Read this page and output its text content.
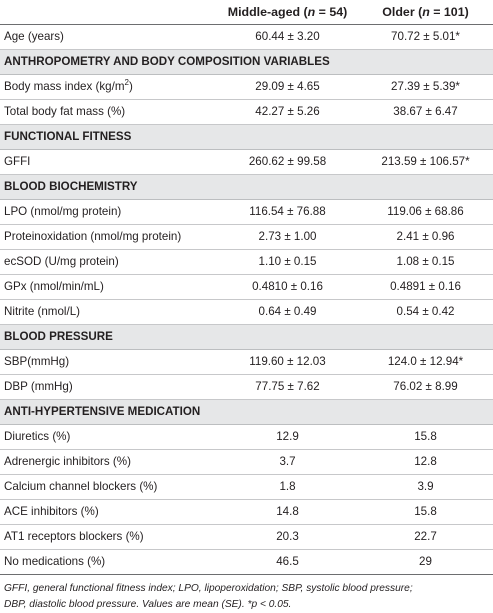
	Middle-aged (n = 54)	Older (n = 101)
Age (years)	60.44 ± 3.20	70.72 ± 5.01*
ANTHROPOMETRY AND BODY COMPOSITION VARIABLES		
Body mass index $(kg/m^2)$	29.09 ± 4.65	27.39 ± 5.39*
Total body fat mass (%)	42.27 ± 5.26	38.67 ± 6.47
FUNCTIONAL FITNESS		
GFFI	260.62 ± 99.58	213.59 ± 106.57*
BLOOD BIOCHEMISTRY		
LPO (nmol/mg protein)	116.54 ± 76.88	119.06 ± 68.86
Proteinoxidation (nmol/mg protein)	2.73 ± 1.00	2.41 ± 0.96
ecSOD (U/mg protein)	1.10 ± 0.15	1.08 ± 0.15
GPx (nmol/min/mL)	0.4810 ± 0.16	0.4891 ± 0.16
Nitrite (nmol/L)	0.64 ± 0.49	0.54 ± 0.42
BLOOD PRESSURE		
SBP(mmHg)	119.60 ± 12.03	124.0 ± 12.94*
DBP (mmHg)	77.75 ± 7.62	76.02 ± 8.99
ANTI-HYPERTENSIVE MEDICATION		
Diuretics (%)	12.9	15.8
Adrenergic inhibitors (%)	3.7	12.8
Calcium channel blockers (%)	1.8	3.9
ACE inhibitors (%)	14.8	15.8
AT1 receptors blockers (%)	20.3	22.7
No medications (%)	46.5	29
GFFI, general functional fitness index; LPO, lipoperoxidation; SBP, systolic blood pressure;
DBP, diastolic blood pressure. Values are mean (SE). *p < 0.05.
